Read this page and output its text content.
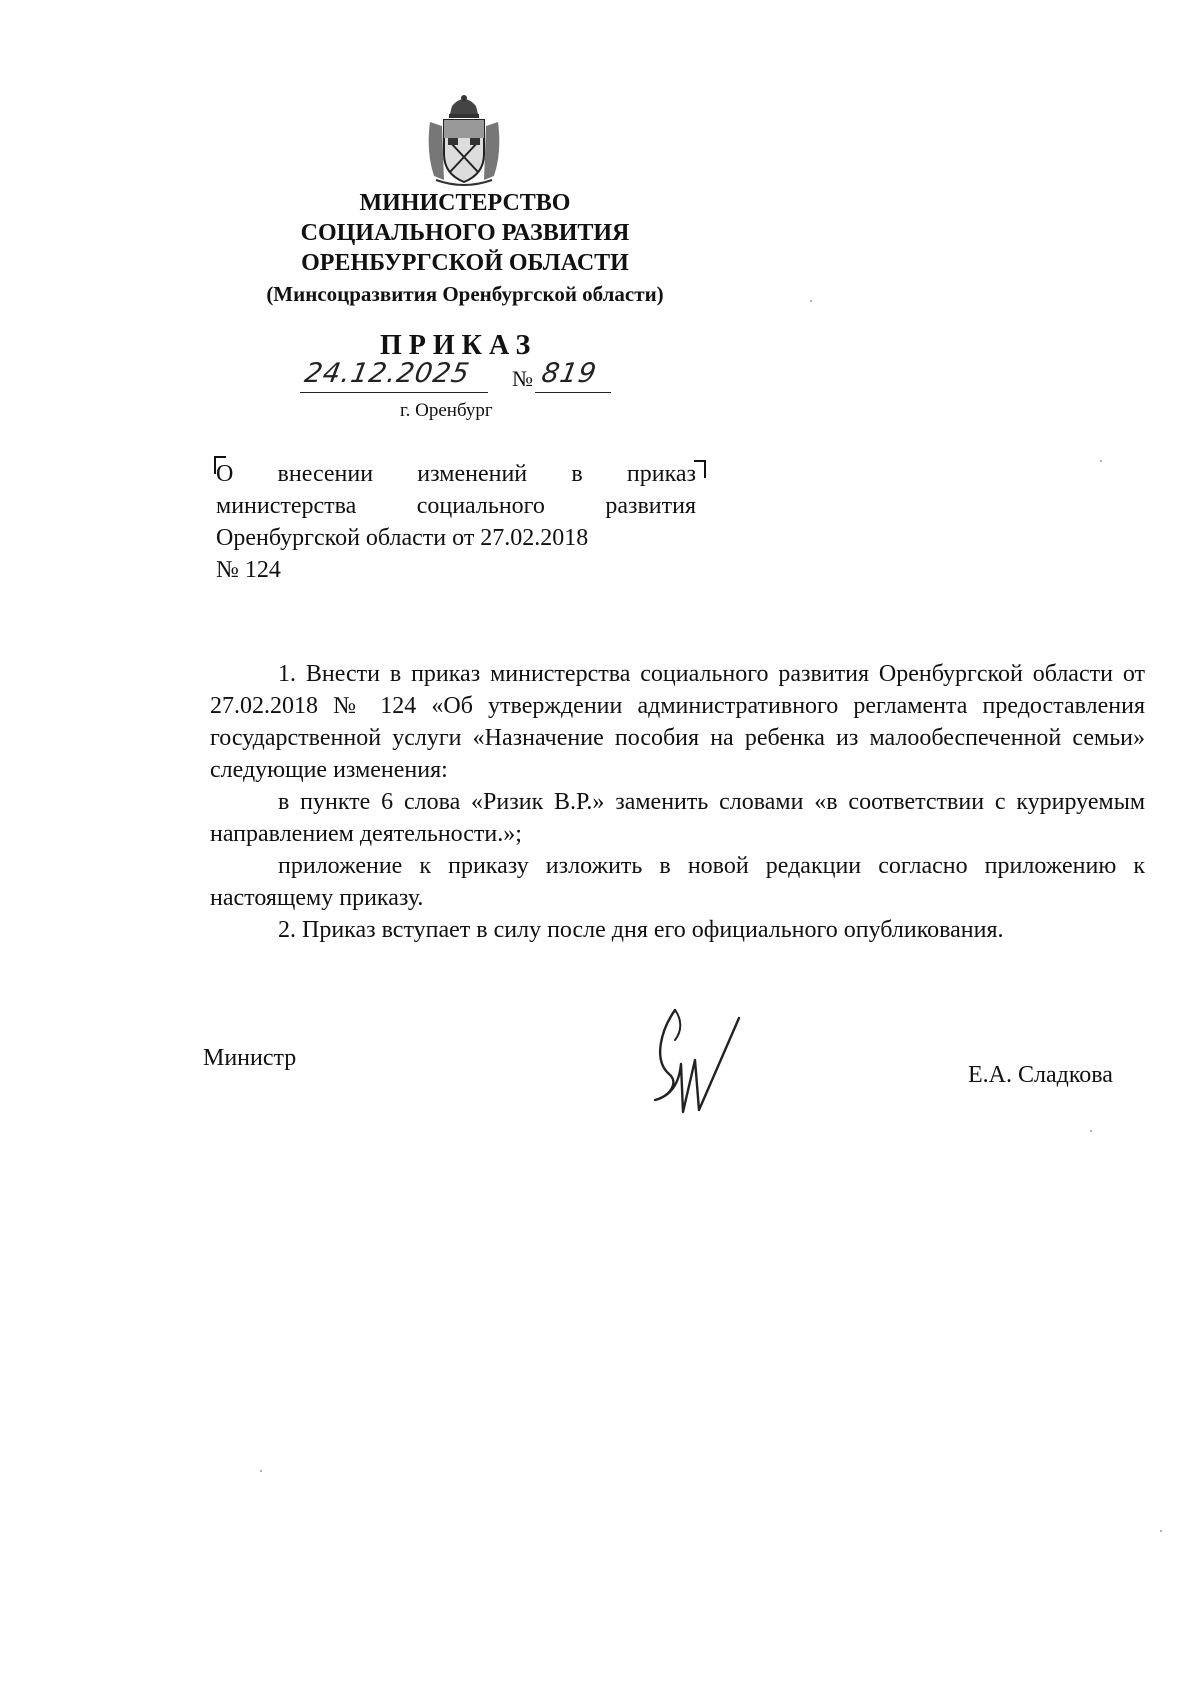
МИНИСТЕРСТВО
СОЦИАЛЬНОГО РАЗВИТИЯ
ОРЕНБУРГСКОЙ ОБЛАСТИ
(Минсоцразвития Оренбургской области)
ПРИКАЗ
24.12.2025 № 819
г. Оренбург
О внесении изменений в приказ
министерства социального развития
Оренбургской области от 27.02.2018
№ 124

1. Внести в приказ министерства социального развития Оренбургской области от 27.02.2018 № 124 «Об утверждении административного регламента предоставления государственной услуги «Назначение пособия на ребенка из малообеспеченной семьи» следующие изменения:

в пункте 6 слова «Ризик В.Р.» заменить словами «в соответствии с курируемым направлением деятельности.»;

приложение к приказу изложить в новой редакции согласно приложению к настоящему приказу.

2. Приказ вступает в силу после дня его официального опубликования.

Министр
Е.А. Сладкова
